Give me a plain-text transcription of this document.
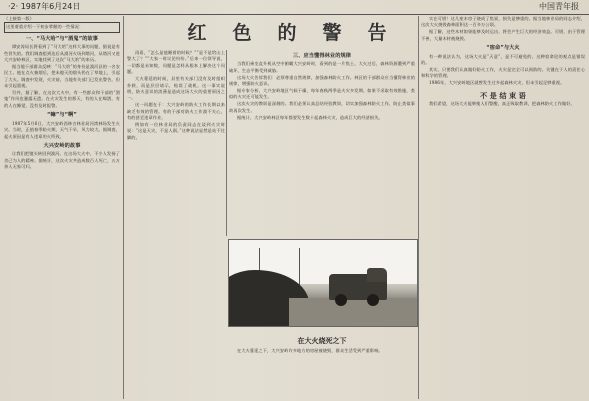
·2· 1987年6月24日	中国青年报
（上接第一版）
这里着重介绍一下初步掌握的一些情况：
一、“马大哈”与“酒鬼”的故事

谭安涛局长将看到了“马大哈”这样大事的问题，据说是有些冒失的。我们调查组到达后从漠河火场到塔河，从塔河又进大兴安岭林区，实地找到了这次“马大哈”的来历。

据当地干部群众反映：“马大哈”的身份是漠河县的一名农民工。他在点火抽烟后，把未熄灭的烟头扔在了草地上，引起了大火。调查中发现，火灾前，当地有关部门已发出警告，但未引起重视。

另外，据了解，在这次大火中，有一些群众和干部的“酒鬼”作风也暴露无遗。在火灾发生的那天，有的人在喝酒，有的人在睡觉，没有及时报警。

“嘛”与“啊”

1987年5月6日，大兴安岭西林吉林业局河湾林场发生火灾。当时，正值春季防火期，天气干旱，风力较大。据调查，起火原因是有人违章用火所致。

大兴安岭的故事

让我们把镜头转回到漠河。在这场大火中，不少人发扬了舍己为人的精神。据统计，这次火灾共造成数百人死亡，五万余人无家可归。

红色的警告

再看，“怎么是他睡着的时候？”“是不是给山上警大了？”“大家一时议论纷纷。”后来一位领导说，一切都是未知数，问题是怎样从根本上解决这个问题。

大火蔓延的时候，县里有关部门没有及时组织扑救，而是层层请示，贻误了战机。这一事实说明，防火意识的淡薄是造成这场大火的重要原因之一。

这一问题在于：大兴安岭的防火工作长期以来缺乏有效的管理。有的干部对防火工作漠不关心，有的甚至违章作业。

例如有一位林业局的负责同志在谈到火灾时说：“这是天灾，不是人祸。”这种说法显然是站不住脚的。

三、应当懂得林业的规律

当我们乘坐直升机从空中俯瞰大兴安岭时，看到的是一片焦土。大火过后，森林资源遭到严重破坏，生态平衡受到威胁。

这场大火告诉我们：必须尊重自然规律，加强森林防火工作。林区的干部群众应当懂得林业的规律，增强防火意识。

据专家分析，大兴安岭地区气候干燥，每年春秋两季是火灾多发期。如果不采取有效措施，类似的火灾还可能发生。

这次火灾的教训是深刻的。我们必须认真总结经验教训，切实加强森林防火工作，防止类似事故再次发生。

据统计，大兴安岭林区每年都要发生数十起森林火灾，造成巨大的经济损失。

在大火烧死之下

在大火蔓延之下，大兴安岭许多地方的房屋被烧毁，群众生活受到严重影响。

实在可惜！这几座木房子烧成了焦炭，损失是惨重的。据当地林业局的同志介绍，这次大火烧毁森林面积达一百多万公顷。

据了解，这些木材如果能够及时运出，将会产生巨大的经济效益。可惜，由于管理不善，大量木材被烧毁。

“宿命”与大火

有一种说法认为，这场大火是“天意”，是不可避免的。这种宿命论的观点是错误的。

其实，只要我们认真做好防火工作，火灾是完全可以预防的。关键在于人的责任心和科学的管理。

1986年，大兴安岭地区就曾发生过多起森林火灾，但未引起足够重视。

不 是 结 束 语

我们希望，这场大火能够使人们警醒，真正吸取教训，把森林防火工作做好。
